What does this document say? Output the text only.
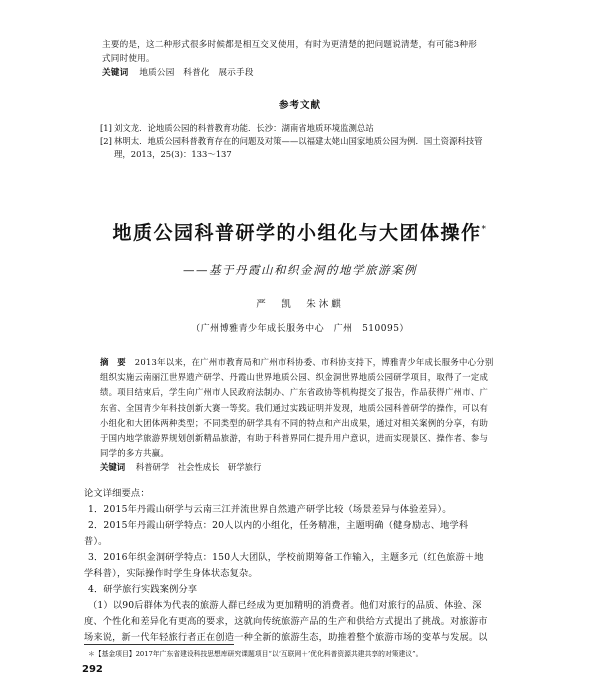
主要的是，这二种形式很多时候都是相互交叉使用，有时为更清楚的把问题说清楚，有可能3种形
式同时使用。
关键词 地质公园　科普化　展示手段

参考文献
[1] 刘文龙．论地质公园的科普教育功能．长沙：湖南省地质环境监测总站
[2] 林明太．地质公园科普教育存在的问题及对策——以福建太姥山国家地质公园为例．国土资源科技管
理，2013，25(3)：133～137
地质公园科普研学的小组化与大团体操作*
——基于丹霞山和织金洞的地学旅游案例
严　凯　朱沐麒
（广州博雅青少年成长服务中心　广州　510095）
摘　要 2013年以来，在广州市教育局和广州市科协委、市科协支持下，博雅青少年成长服务中心分别
组织实施云南丽江世界遗产研学、丹霞山世界地质公园、织金洞世界地质公园研学项目，取得了一定成
绩。项目结束后，学生向广州市人民政府法制办、广东省政协等机构提交了报告，作品获得广州市、广
东省、全国青少年科技创新大赛一等奖。我们通过实践证明并发现，地质公园科普研学的操作，可以有
小组化和大团体两种类型；不同类型的研学具有不同的特点和产出成果，通过对相关案例的分享，有助
于国内地学旅游界规划创新精品旅游，有助于科普界同仁提升用户意识，进而实现景区、操作者、参与
同学的多方共赢。
关键词 科普研学　社会性成长　研学旅行
论文详细要点：
1．2015年丹霞山研学与云南三江并流世界自然遗产研学比较（场景差异与体验差异）。
2．2015年丹霞山研学特点：20人以内的小组化，任务精准，主题明确（健身励志、地学科
普）。
3．2016年织金洞研学特点：150人大团队，学校前期筹备工作输入，主题多元（红色旅游＋地
学科普），实际操作时学生身体状态复杂。
4．研学旅行实践案例分享
（1）以90后群体为代表的旅游人群已经成为更加精明的消费者。他们对旅行的品质、体验、深
度、个性化和差异化有更高的要求，这就向传统旅游产品的生产和供给方式提出了挑战。对旅游市
场来说，新一代年轻旅行者正在创造一种全新的旅游生态，助推着整个旅游市场的变革与发展。以
＊【基金项目】2017年广东省建设科技思想库研究课题项目“以‘互联网＋’优化科普资源共建共享的对策建议”。
292
